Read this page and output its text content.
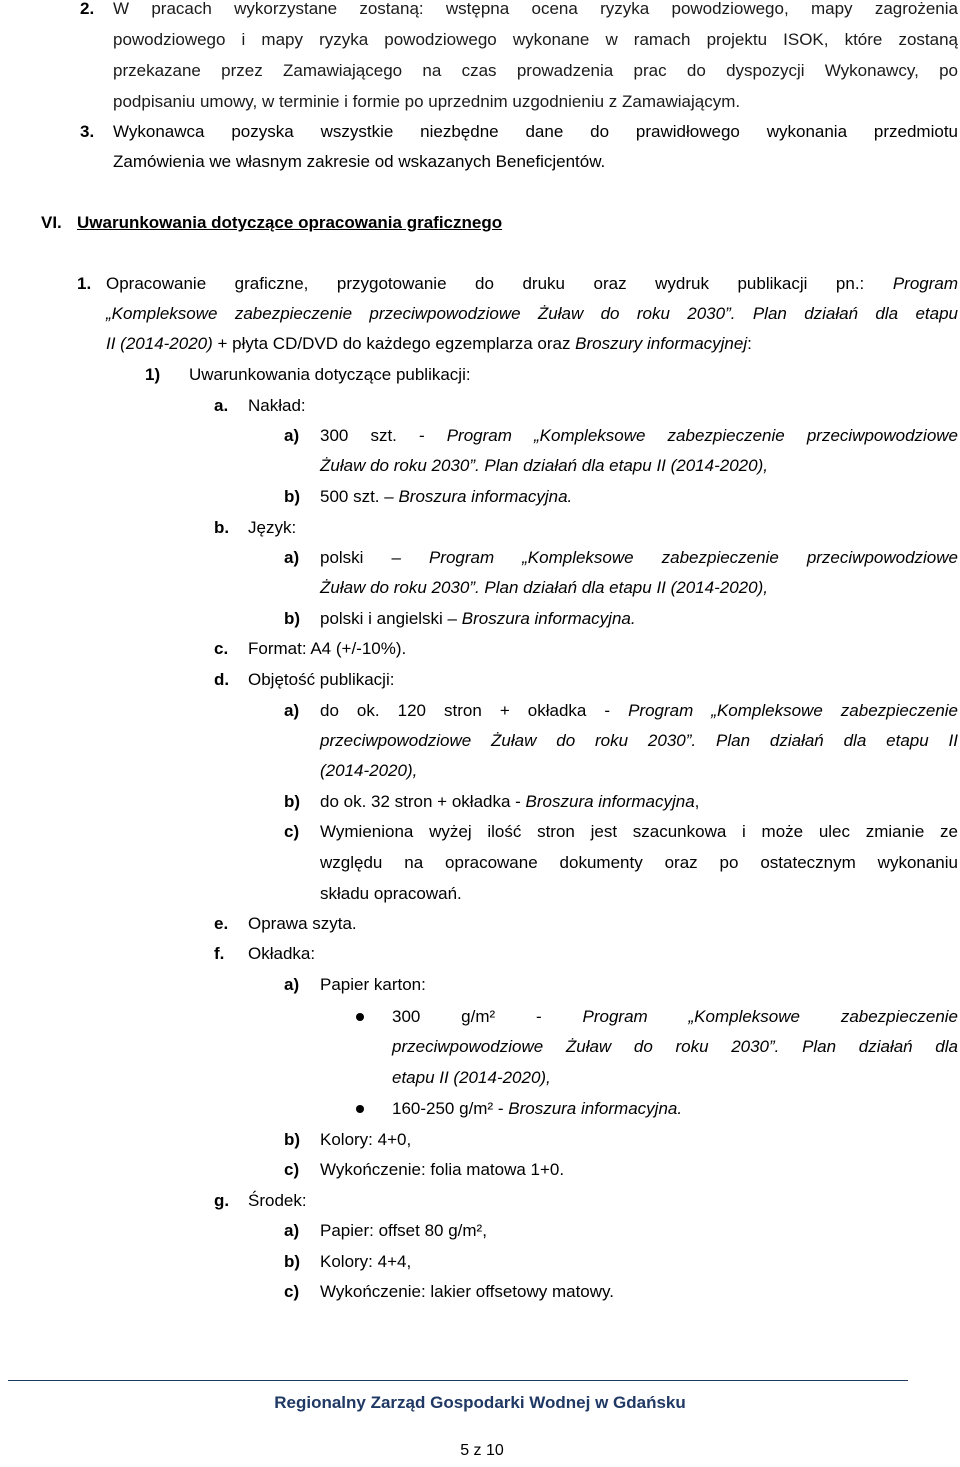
2. W pracach wykorzystane zostaną: wstępna ocena ryzyka powodziowego, mapy zagrożenia
powodziowego i mapy ryzyka powodziowego wykonane w ramach projektu ISOK, które zostaną
przekazane przez Zamawiającego na czas prowadzenia prac do dyspozycji Wykonawcy, po
podpisaniu umowy, w terminie i formie po uprzednim uzgodnieniu z Zamawiającym.
3. Wykonawca pozyska wszystkie niezbędne dane do prawidłowego wykonania przedmiotu
Zamówienia we własnym zakresie od wskazanych Beneficjentów.
VI. Uwarunkowania dotyczące opracowania graficznego
1. Opracowanie graficzne, przygotowanie do druku oraz wydruk publikacji pn.: Program
„Kompleksowe zabezpieczenie przeciwpowodziowe Żuław do roku 2030”. Plan działań dla etapu
II (2014-2020) + płyta CD/DVD do każdego egzemplarza oraz Broszury informacyjnej:
1) Uwarunkowania dotyczące publikacji:
a. Nakład:
a) 300 szt. - Program „Kompleksowe zabezpieczenie przeciwpowodziowe
Żuław do roku 2030”. Plan działań dla etapu II (2014-2020),
b) 500 szt. – Broszura informacyjna.
b. Język:
a) polski – Program „Kompleksowe zabezpieczenie przeciwpowodziowe
Żuław do roku 2030”. Plan działań dla etapu II (2014-2020),
b) polski i angielski – Broszura informacyjna.
c. Format: A4 (+/-10%).
d. Objętość publikacji:
a) do ok. 120 stron + okładka - Program „Kompleksowe zabezpieczenie
przeciwpowodziowe Żuław do roku 2030”. Plan działań dla etapu II
(2014-2020),
b) do ok. 32 stron + okładka - Broszura informacyjna,
c) Wymieniona wyżej ilość stron jest szacunkowa i może ulec zmianie ze
względu na opracowane dokumenty oraz po ostatecznym wykonaniu
składu opracowań.
e. Oprawa szyta.
f. Okładka:
a) Papier karton:
300 g/m² - Program „Kompleksowe zabezpieczenie
przeciwpowodziowe Żuław do roku 2030”. Plan działań dla
etapu II (2014-2020),
160-250 g/m² - Broszura informacyjna.
b) Kolory: 4+0,
c) Wykończenie: folia matowa 1+0.
g. Środek:
a) Papier: offset 80 g/m²,
b) Kolory: 4+4,
c) Wykończenie: lakier offsetowy matowy.
Regionalny Zarząd Gospodarki Wodnej w Gdańsku
5 z 10
